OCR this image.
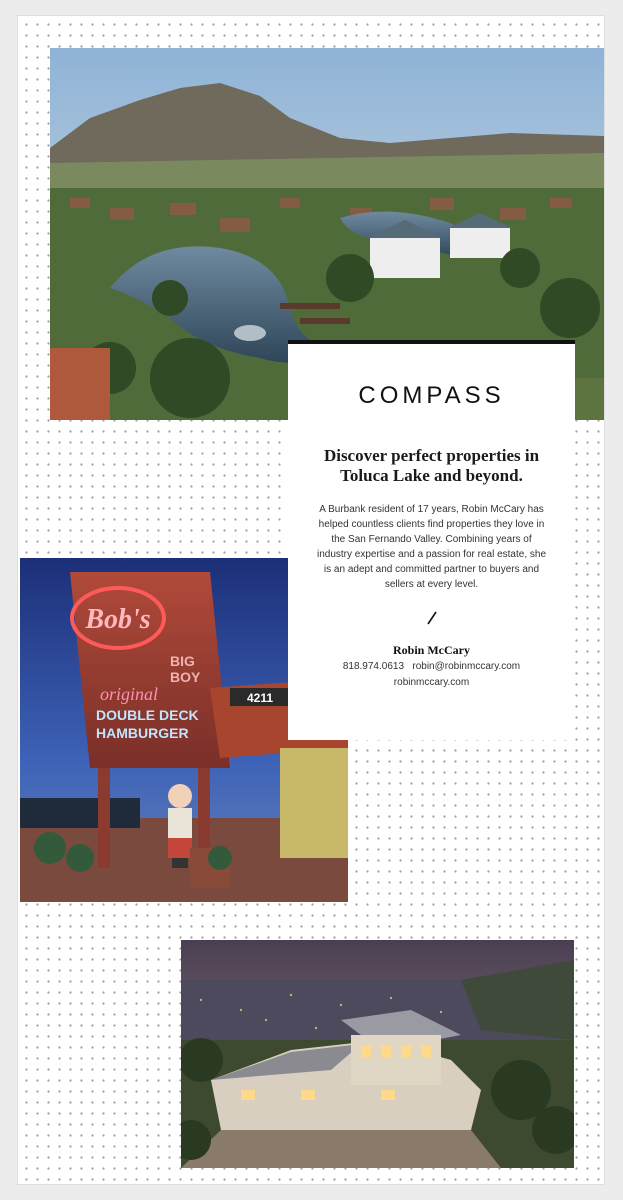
4211
Bob's
BIG
BOY
original
DOUBLE DECK
HAMBURGER
COMPASS
Discover perfect properties in Toluca Lake and beyond.
A Burbank resident of 17 years, Robin McCary has helped countless clients find properties they love in the San Fernando Valley. Combining years of industry expertise and a passion for real estate, she is an adept and committed partner to buyers and sellers at every level.
Robin McCary
818.974.0613 robin@robinmccary.com
robinmccary.com
